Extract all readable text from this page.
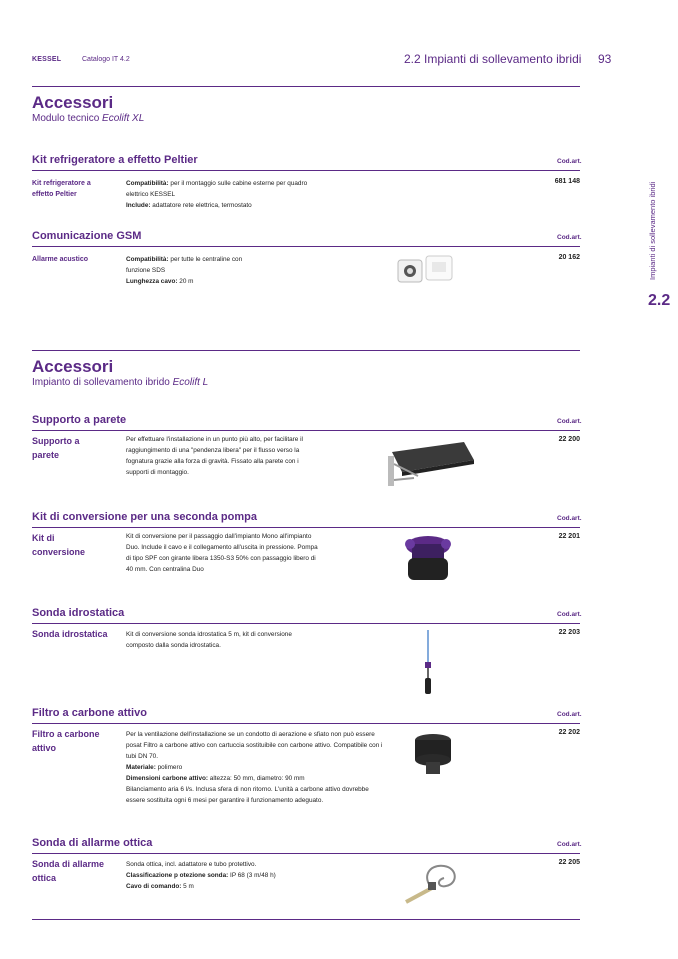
KESSEL	Catalogo IT 4.2	2.2 Impianti di sollevamento ibridi 93
Impianti di sollevamento ibridi
2.2
Accessori
Modulo tecnico Ecolift XL
Kit refrigeratore a effetto Peltier	Cod.art.
Kit refrigeratore a effetto Peltier
Compatibilità: per il montaggio sulle cabine esterne per quadro elettrico KESSEL
Include: adattatore rete elettrica, termostato
681 148
Comunicazione GSM	Cod.art.
Allarme acustico	Compatibilità: per tutte le centraline con funzione SDS
Lunghezza cavo: 20 m
20 162
Accessori
Impianto di sollevamento ibrido Ecolift L
Supporto a parete	Cod.art.
Supporto a parete
Per effettuare l'installazione in un punto più alto, per facilitare il raggiungimento di una "pendenza libera" per il flusso verso la fognatura grazie alla forza di gravità. Fissato alla parete con i supporti di montaggio.
22 200
Kit di conversione per una seconda pompa	Cod.art.
Kit di conversione
Kit di conversione per il passaggio dall'impianto Mono all'impianto Duo. Include il cavo e il collegamento all'uscita in pressione. Pompa di tipo SPF con girante libera 1350-S3 50% con passaggio libero di 40 mm. Con centralina Duo
22 201
Sonda idrostatica	Cod.art.
Sonda idrostatica	Kit di conversione sonda idrostatica 5 m, kit di conversione composto dalla sonda idrostatica.
22 203
Filtro a carbone attivo	Cod.art.
Filtro a carbone attivo
Per la ventilazione dell'installazione se un condotto di aerazione e sfiato non può essere posat Filtro a carbone attivo con cartuccia sostituibile con carbone attivo. Compatibile con i tubi DN 70.
Materiale: polimero
Dimensioni carbone attivo: altezza: 50 mm, diametro: 90 mm
Bilanciamento aria 6 l/s. Inclusa sfera di non ritorno. L'unità a carbone attivo dovrebbe essere sostituita ogni 6 mesi per garantire il funzionamento adeguato.
22 202
Sonda di allarme ottica	Cod.art.
Sonda di allarme ottica
Sonda ottica, incl. adattatore e tubo protettivo.
Classificazione p otezione sonda: IP 68 (3 m/48 h)
Cavo di comando: 5 m
22 205
